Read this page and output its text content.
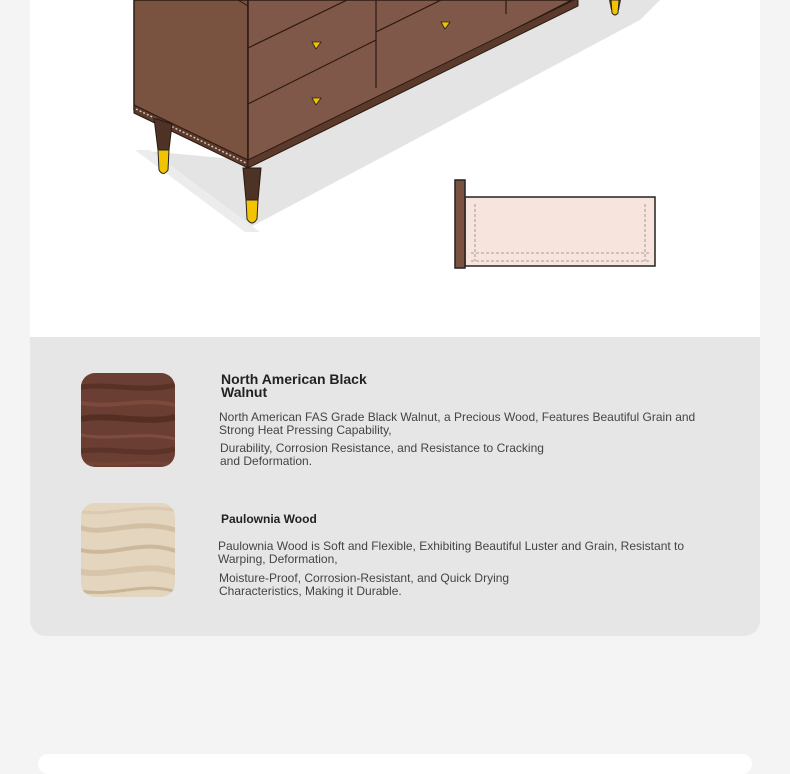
North American Black Walnut
North American FAS Grade Black Walnut, a Precious Wood, Features Beautiful Grain and Strong Heat Pressing Capability,
Durability, Corrosion Resistance, and Resistance to Cracking and Deformation.
Paulownia Wood
Paulownia Wood is Soft and Flexible, Exhibiting Beautiful Luster and Grain, Resistant to Warping, Deformation,
Moisture-Proof, Corrosion-Resistant, and Quick Drying Characteristics, Making it Durable.
